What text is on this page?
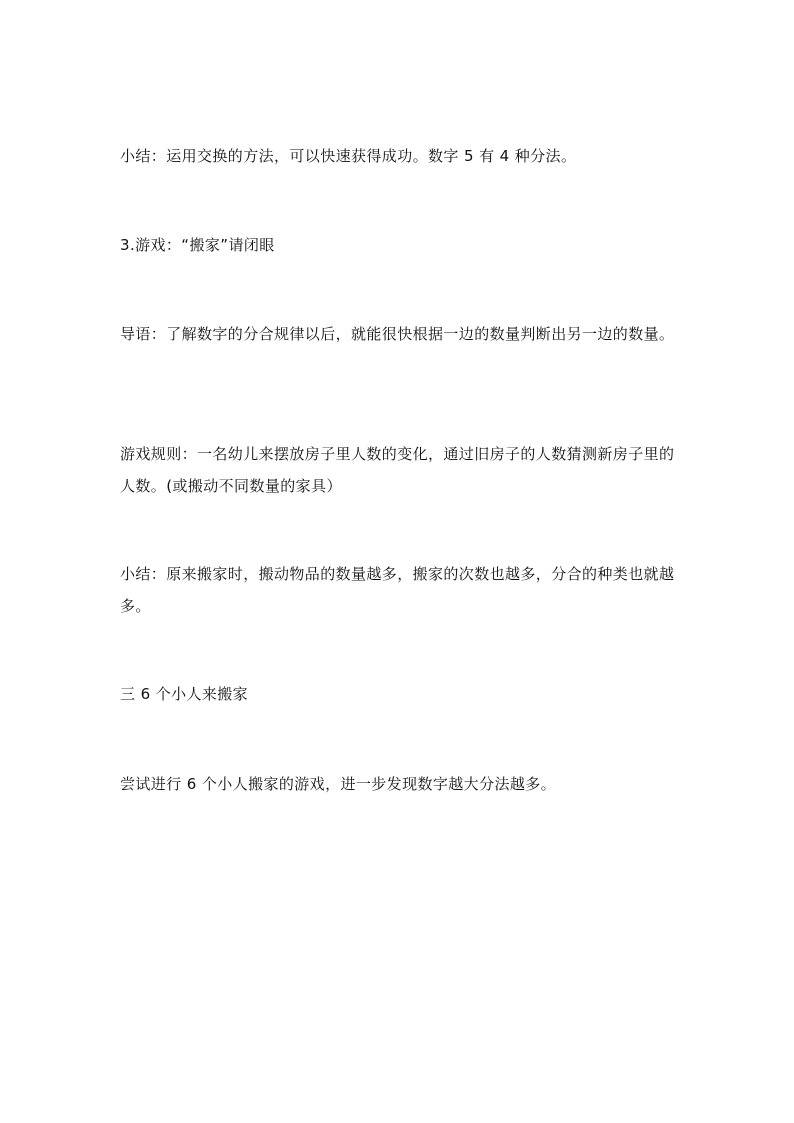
小结：运用交换的方法，可以快速获得成功。数字 5 有 4 种分法。
3.游戏：“搬家”请闭眼
导语：了解数字的分合规律以后，就能很快根据一边的数量判断出另一边的数量。
游戏规则：一名幼儿来摆放房子里人数的变化，通过旧房子的人数猜测新房子里的人数。(或搬动不同数量的家具）
小结：原来搬家时，搬动物品的数量越多，搬家的次数也越多，分合的种类也就越多。
三 6 个小人来搬家
尝试进行 6 个小人搬家的游戏，进一步发现数字越大分法越多。
